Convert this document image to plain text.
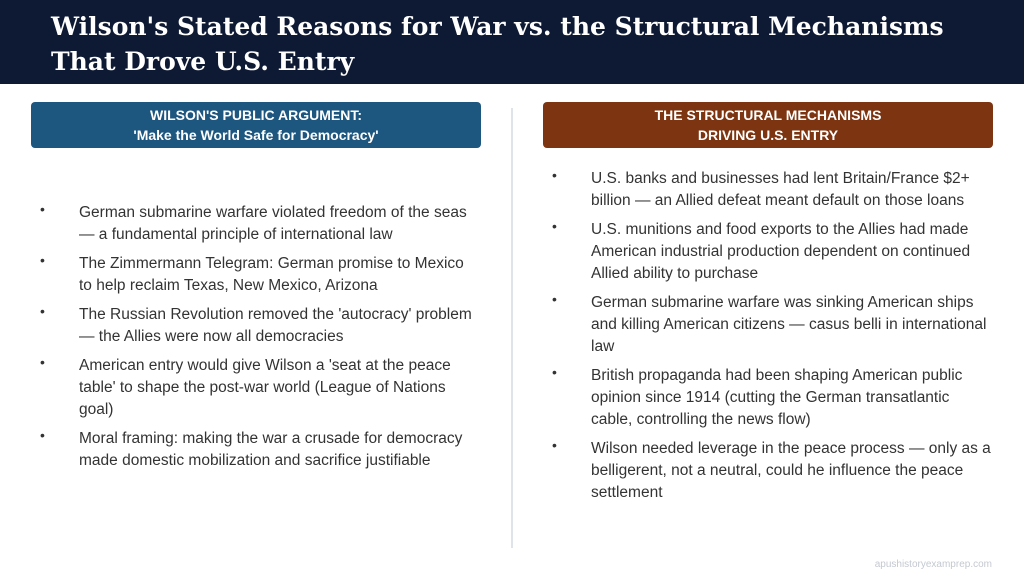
Wilson's Stated Reasons for War vs. the Structural Mechanisms That Drove U.S. Entry
WILSON'S PUBLIC ARGUMENT:
'Make the World Safe for Democracy'
THE STRUCTURAL MECHANISMS
DRIVING U.S. ENTRY
• German submarine warfare violated freedom of the seas — a fundamental principle of international law
• The Zimmermann Telegram: German promise to Mexico to help reclaim Texas, New Mexico, Arizona
• The Russian Revolution removed the 'autocracy' problem — the Allies were now all democracies
• American entry would give Wilson a 'seat at the peace table' to shape the post-war world (League of Nations goal)
• Moral framing: making the war a crusade for democracy made domestic mobilization and sacrifice justifiable
• U.S. banks and businesses had lent Britain/France $2+ billion — an Allied defeat meant default on those loans
• U.S. munitions and food exports to the Allies had made American industrial production dependent on continued Allied ability to purchase
• German submarine warfare was sinking American ships and killing American citizens — casus belli in international law
• British propaganda had been shaping American public opinion since 1914 (cutting the German transatlantic cable, controlling the news flow)
• Wilson needed leverage in the peace process — only as a belligerent, not a neutral, could he influence the peace settlement
apushistoryexamprep.com
